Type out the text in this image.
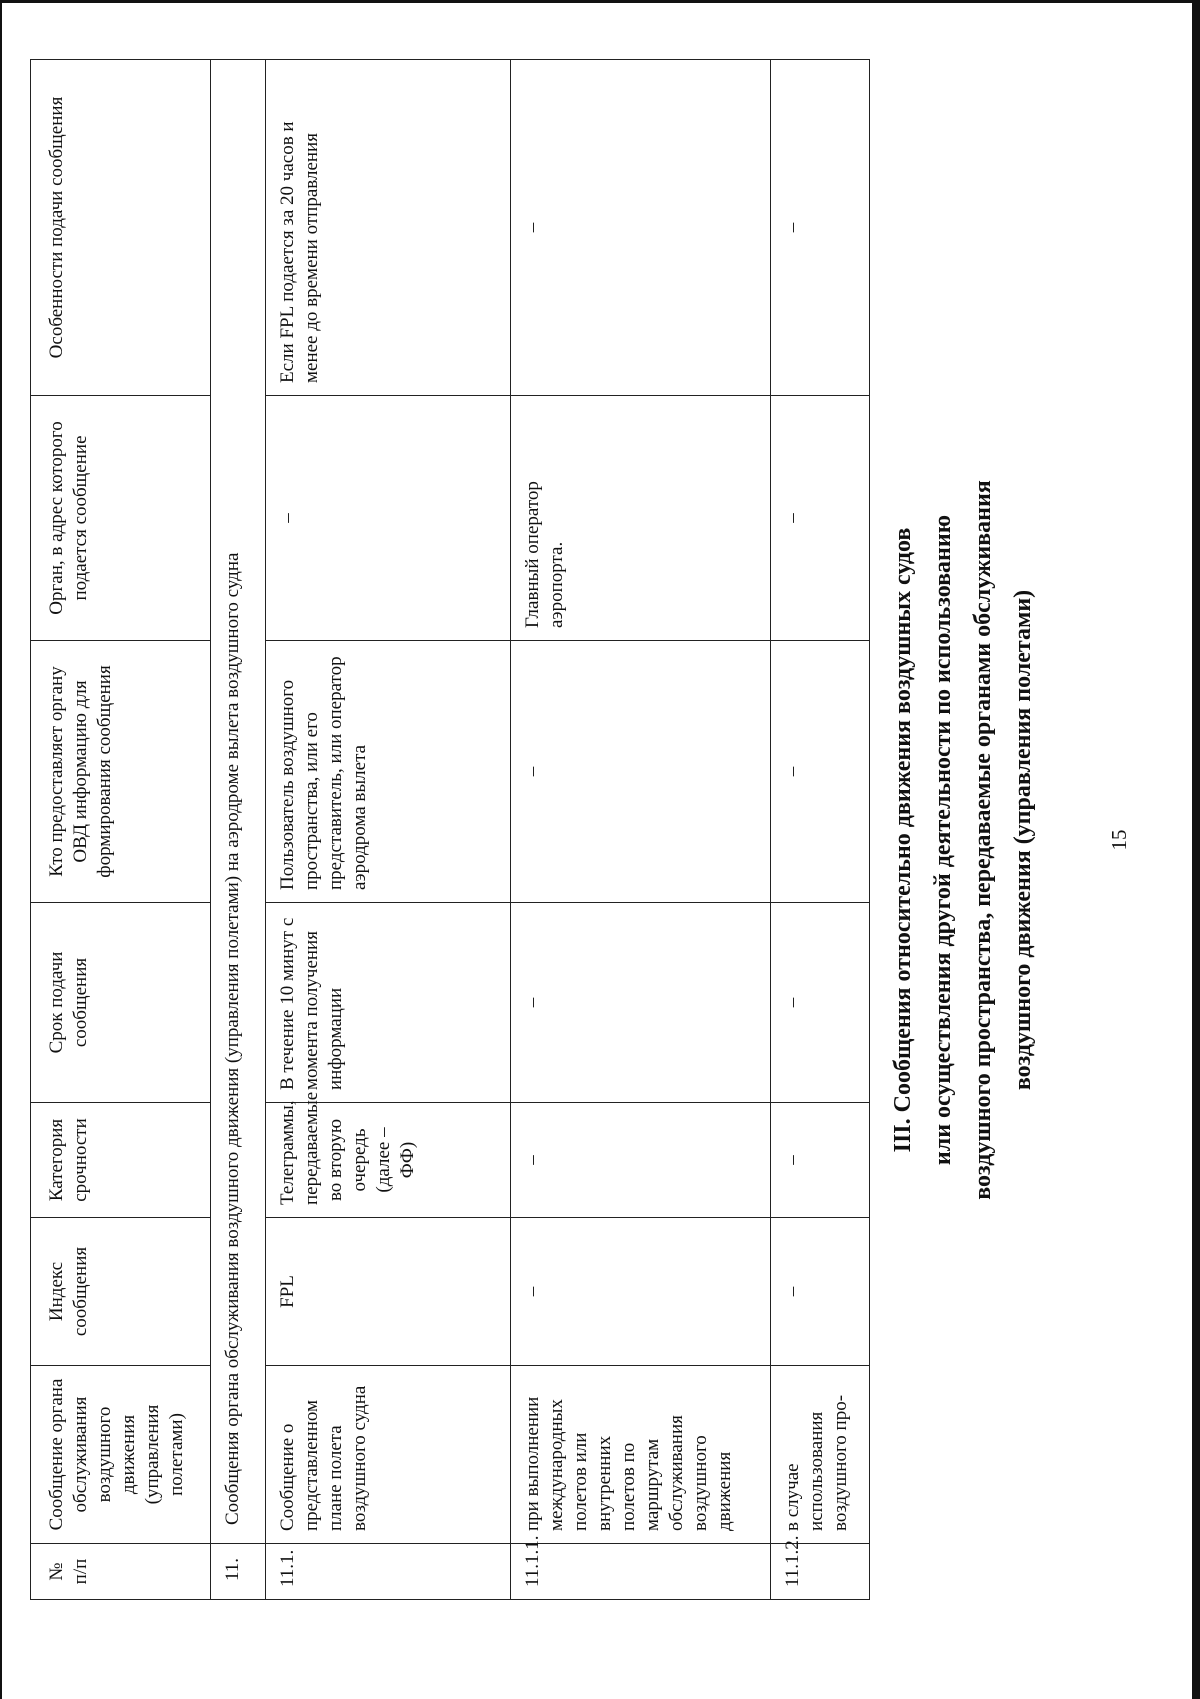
15
III. Сообщения относительно движения воздушных судов или осуществления другой деятельности по использованию воздушного пространства, передаваемые органами обслуживания воздушного движения (управления полетами)
№ п/п	Сообщение органа обслуживания воздушного движения (управления полетами)	Индекс сообщения	Категория срочности	Срок подачи сообщения	Кто предоставляет органу ОВД информацию для формирования сообщения	Орган, в адрес которого подается сообщение	Особенности подачи сообщения
11.	Сообщения органа обслуживания воздушного движения (управления полетами) на аэродроме вылета воздушного судна						
11.1.	Сообщение о представленном плане полета воздушного судна	FPL	Телеграммы, передаваемые во вторую очередь (далее – ФФ)	В течение 10 минут с момента получения информации	Пользователь воздушного пространства, или его представитель, или оператор аэродрома вылета	–	Если FPL подается за 20 часов и менее до времени отправления
11.1.1.	при выполнении международных полетов или внутренних полетов по маршрутам обслуживания воздушного движения	–	–	–	–	Главный оператор аэропорта.	–
11.1.2.	в случае использования воздушного про-	–	–	–	–	–	–
